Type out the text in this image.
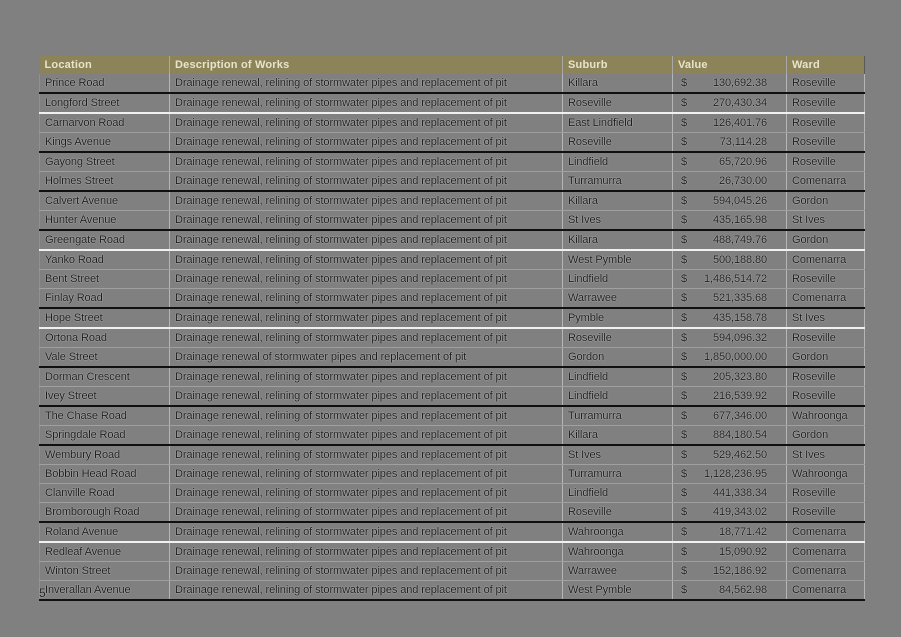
Location	Description of Works	Suburb	Value	Ward
Prince Road	Drainage renewal, relining of stormwater pipes and replacement of pit	Killara	$ 130,692.38	Roseville
Longford Street	Drainage renewal, relining of stormwater pipes and replacement of pit	Roseville	$ 270,430.34	Roseville
Carnarvon Road	Drainage renewal, relining of stormwater pipes and replacement of pit	East Lindfield	$ 126,401.76	Roseville
Kings Avenue	Drainage renewal, relining of stormwater pipes and replacement of pit	Roseville	$ 73,114.28	Roseville
Gayong Street	Drainage renewal, relining of stormwater pipes and replacement of pit	Lindfield	$ 65,720.96	Roseville
Holmes Street	Drainage renewal, relining of stormwater pipes and replacement of pit	Turramurra	$ 26,730.00	Comenarra
Calvert Avenue	Drainage renewal, relining of stormwater pipes and replacement of pit	Killara	$ 594,045.26	Gordon
Hunter Avenue	Drainage renewal, relining of stormwater pipes and replacement of pit	St Ives	$ 435,165.98	St Ives
Greengate Road	Drainage renewal, relining of stormwater pipes and replacement of pit	Killara	$ 488,749.76	Gordon
Yanko Road	Drainage renewal, relining of stormwater pipes and replacement of pit	West Pymble	$ 500,188.80	Comenarra
Bent Street	Drainage renewal, relining of stormwater pipes and replacement of pit	Lindfield	$ 1,486,514.72	Roseville
Finlay Road	Drainage renewal, relining of stormwater pipes and replacement of pit	Warrawee	$ 521,335.68	Comenarra
Hope Street	Drainage renewal, relining of stormwater pipes and replacement of pit	Pymble	$ 435,158.78	St Ives
Ortona Road	Drainage renewal, relining of stormwater pipes and replacement of pit	Roseville	$ 594,096.32	Roseville
Vale Street	Drainage renewal of stormwater pipes and replacement of pit	Gordon	$ 1,850,000.00	Gordon
Dorman Crescent	Drainage renewal, relining of stormwater pipes and replacement of pit	Lindfield	$ 205,323.80	Roseville
Ivey Street	Drainage renewal, relining of stormwater pipes and replacement of pit	Lindfield	$ 216,539.92	Roseville
The Chase Road	Drainage renewal, relining of stormwater pipes and replacement of pit	Turramurra	$ 677,346.00	Wahroonga
Springdale Road	Drainage renewal, relining of stormwater pipes and replacement of pit	Killara	$ 884,180.54	Gordon
Wembury Road	Drainage renewal, relining of stormwater pipes and replacement of pit	St Ives	$ 529,462.50	St Ives
Bobbin Head Road	Drainage renewal, relining of stormwater pipes and replacement of pit	Turramurra	$ 1,128,236.95	Wahroonga
Clanville Road	Drainage renewal, relining of stormwater pipes and replacement of pit	Lindfield	$ 441,338.34	Roseville
Bromborough Road	Drainage renewal, relining of stormwater pipes and replacement of pit	Roseville	$ 419,343.02	Roseville
Roland Avenue	Drainage renewal, relining of stormwater pipes and replacement of pit	Wahroonga	$ 18,771.42	Comenarra
Redleaf Avenue	Drainage renewal, relining of stormwater pipes and replacement of pit	Wahroonga	$ 15,090.92	Comenarra
Winton Street	Drainage renewal, relining of stormwater pipes and replacement of pit	Warrawee	$ 152,186.92	Comenarra
Inverallan Avenue	Drainage renewal, relining of stormwater pipes and replacement of pit	West Pymble	$ 84,562.98	Comenarra
5
